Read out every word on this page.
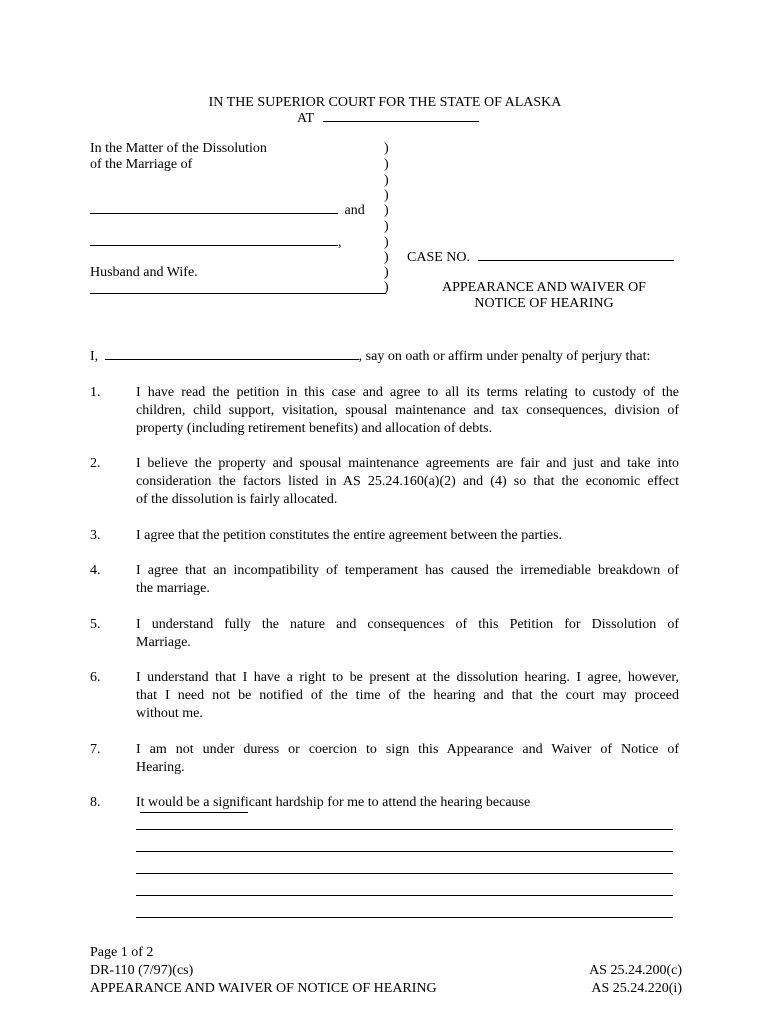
IN THE SUPERIOR COURT FOR THE STATE OF ALASKA
AT
In the Matter of the Dissolution
of the Marriage of
and
,
Husband and Wife.
)
)
)
)
)
)
)
)
)
)
CASE NO.
APPEARANCE AND WAIVER OF
NOTICE OF HEARING
I,	, say on oath or affirm under penalty of perjury that:
1.	I have read the petition in this case and agree to all its terms relating to custody of the
children, child support, visitation, spousal maintenance and tax consequences, division of
property (including retirement benefits) and allocation of debts.
2.	I believe the property and spousal maintenance agreements are fair and just and take into
consideration the factors listed in AS 25.24.160(a)(2) and (4) so that the economic effect
of the dissolution is fairly allocated.
3.	I agree that the petition constitutes the entire agreement between the parties.
4.	I agree that an incompatibility of temperament has caused the irremediable breakdown of
the marriage.
5.	I understand fully the nature and consequences of this Petition for Dissolution of
Marriage.
6.	I understand that I have a right to be present at the dissolution hearing. I agree, however,
that I need not be notified of the time of the hearing and that the court may proceed
without me.
7.	I am not under duress or coercion to sign this Appearance and Waiver of Notice of
Hearing.
8.	It would be a significant hardship for me to attend the hearing because
Page 1 of 2
DR-110 (7/97)(cs)
APPEARANCE AND WAIVER OF NOTICE OF HEARING
AS 25.24.200(c)
AS 25.24.220(i)
